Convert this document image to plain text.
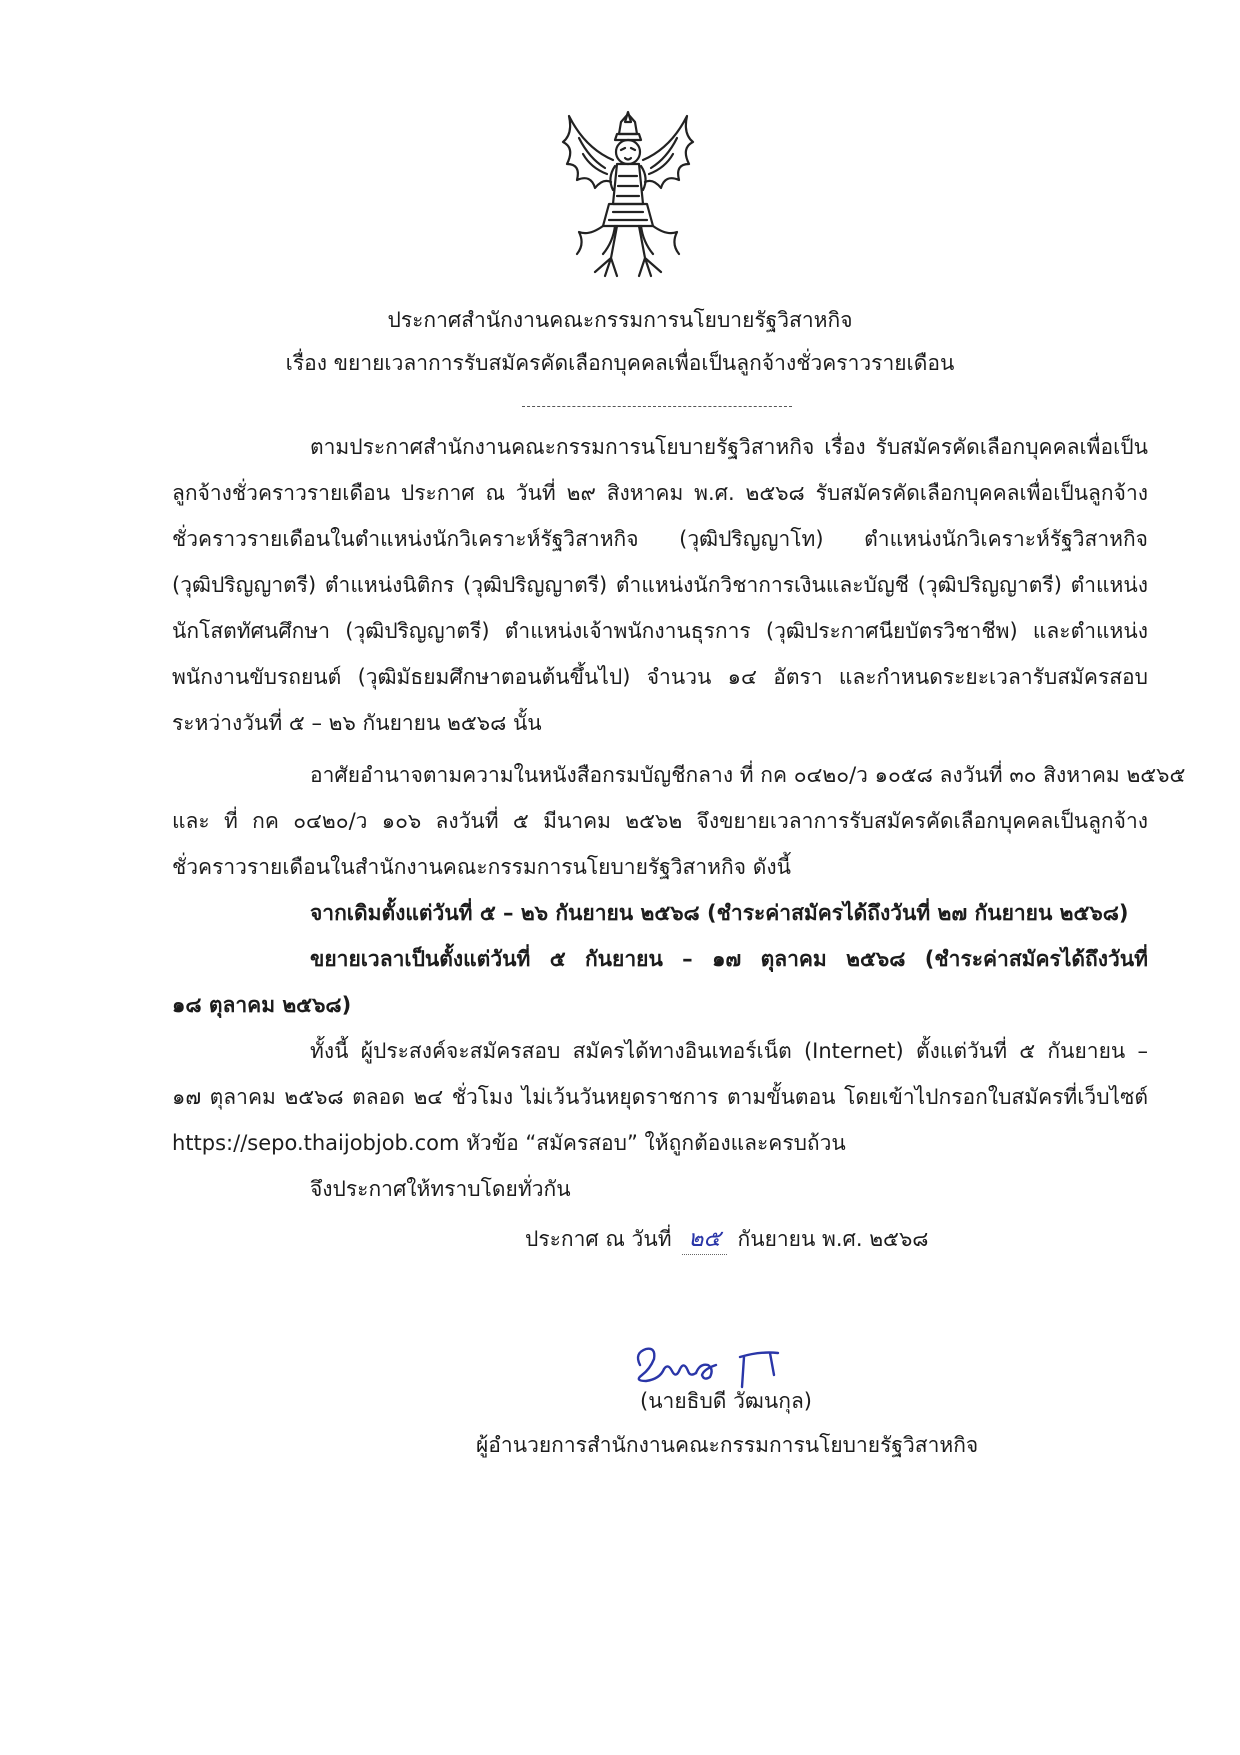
ประกาศสำนักงานคณะกรรมการนโยบายรัฐวิสาหกิจ
เรื่อง ขยายเวลาการรับสมัครคัดเลือกบุคคลเพื่อเป็นลูกจ้างชั่วคราวรายเดือน
ตามประกาศสำนักงานคณะกรรมการนโยบายรัฐวิสาหกิจ เรื่อง รับสมัครคัดเลือกบุคคลเพื่อเป็น
ลูกจ้างชั่วคราวรายเดือน ประกาศ ณ วันที่ ๒๙ สิงหาคม พ.ศ. ๒๕๖๘ รับสมัครคัดเลือกบุคคลเพื่อเป็นลูกจ้าง
ชั่วคราวรายเดือนในตำแหน่งนักวิเคราะห์รัฐวิสาหกิจ (วุฒิปริญญาโท) ตำแหน่งนักวิเคราะห์รัฐวิสาหกิจ
(วุฒิปริญญาตรี) ตำแหน่งนิติกร (วุฒิปริญญาตรี) ตำแหน่งนักวิชาการเงินและบัญชี (วุฒิปริญญาตรี) ตำแหน่ง
นักโสตทัศนศึกษา (วุฒิปริญญาตรี) ตำแหน่งเจ้าพนักงานธุรการ (วุฒิประกาศนียบัตรวิชาชีพ) และตำแหน่ง
พนักงานขับรถยนต์ (วุฒิมัธยมศึกษาตอนต้นขึ้นไป) จำนวน ๑๔ อัตรา และกำหนดระยะเวลารับสมัครสอบ
ระหว่างวันที่ ๕ – ๒๖ กันยายน ๒๕๖๘ นั้น
อาศัยอำนาจตามความในหนังสือกรมบัญชีกลาง ที่ กค ๐๔๒๐/ว ๑๐๕๘ ลงวันที่ ๓๐ สิงหาคม ๒๕๖๕
และ ที่ กค ๐๔๒๐/ว ๑๐๖ ลงวันที่ ๕ มีนาคม ๒๕๖๒ จึงขยายเวลาการรับสมัครคัดเลือกบุคคลเป็นลูกจ้าง
ชั่วคราวรายเดือนในสำนักงานคณะกรรมการนโยบายรัฐวิสาหกิจ ดังนี้
จากเดิมตั้งแต่วันที่ ๕ – ๒๖ กันยายน ๒๕๖๘ (ชำระค่าสมัครได้ถึงวันที่ ๒๗ กันยายน ๒๕๖๘)
ขยายเวลาเป็นตั้งแต่วันที่ ๕ กันยายน – ๑๗ ตุลาคม ๒๕๖๘ (ชำระค่าสมัครได้ถึงวันที่
๑๘ ตุลาคม ๒๕๖๘)
ทั้งนี้ ผู้ประสงค์จะสมัครสอบ สมัครได้ทางอินเทอร์เน็ต (Internet) ตั้งแต่วันที่ ๕ กันยายน –
๑๗ ตุลาคม ๒๕๖๘ ตลอด ๒๔ ชั่วโมง ไม่เว้นวันหยุดราชการ ตามขั้นตอน โดยเข้าไปกรอกใบสมัครที่เว็บไซต์
https://sepo.thaijobjob.com หัวข้อ “สมัครสอบ” ให้ถูกต้องและครบถ้วน
จึงประกาศให้ทราบโดยทั่วกัน
ประกาศ ณ วันที่ ๒๕ กันยายน พ.ศ. ๒๕๖๘
(นายธิบดี วัฒนกุล)
ผู้อำนวยการสำนักงานคณะกรรมการนโยบายรัฐวิสาหกิจ
